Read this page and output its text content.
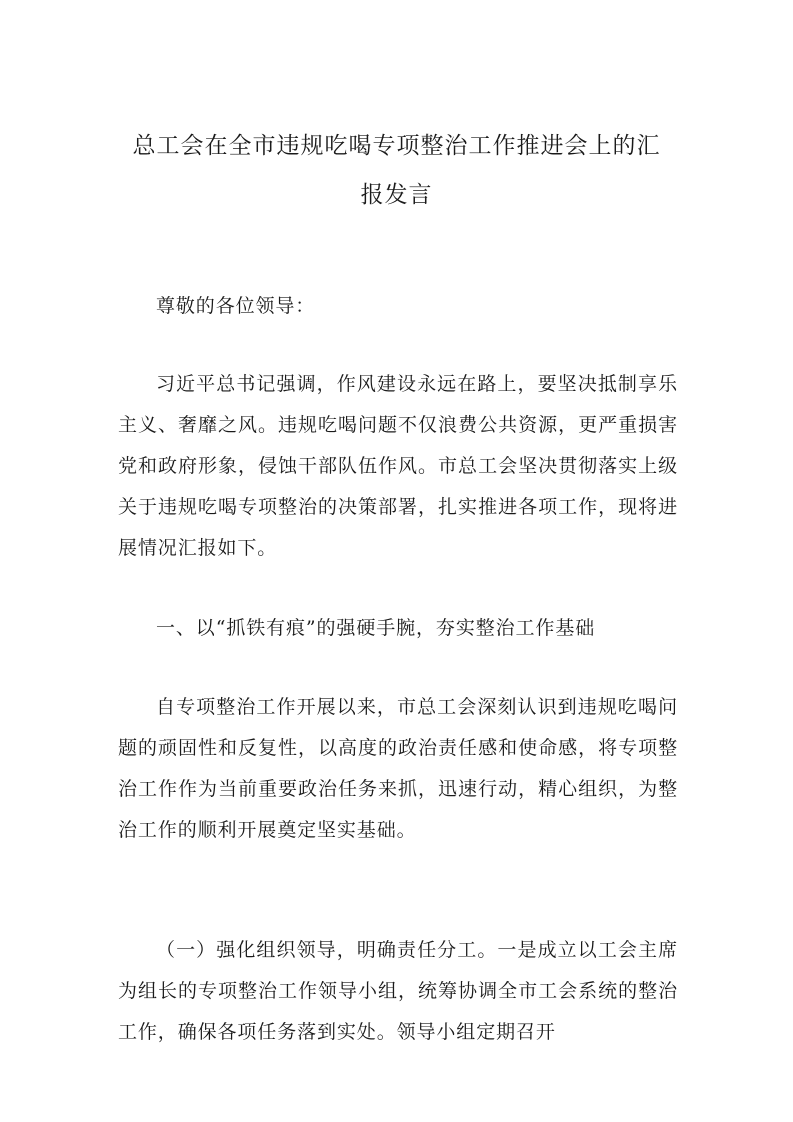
总工会在全市违规吃喝专项整治工作推进会上的汇
报发言

尊敬的各位领导：

习近平总书记强调，作风建设永远在路上，要坚决抵制享乐主义、奢靡之风。违规吃喝问题不仅浪费公共资源，更严重损害党和政府形象，侵蚀干部队伍作风。市总工会坚决贯彻落实上级关于违规吃喝专项整治的决策部署，扎实推进各项工作，现将进展情况汇报如下。

一、以“抓铁有痕”的强硬手腕，夯实整治工作基础

自专项整治工作开展以来，市总工会深刻认识到违规吃喝问题的顽固性和反复性，以高度的政治责任感和使命感，将专项整治工作作为当前重要政治任务来抓，迅速行动，精心组织，为整治工作的顺利开展奠定坚实基础。

（一）强化组织领导，明确责任分工。一是成立以工会主席为组长的专项整治工作领导小组，统筹协调全市工会系统的整治工作，确保各项任务落到实处。领导小组定期召开
